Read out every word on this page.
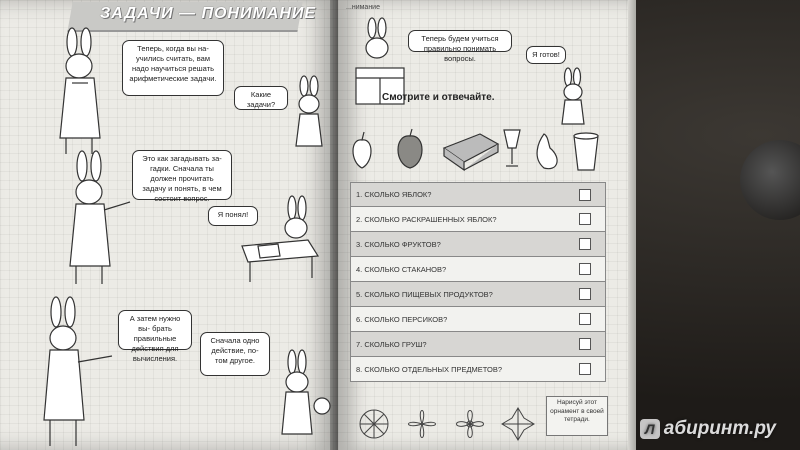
ЗАДАЧИ — ПОНИМАНИЕ
Теперь, когда вы на- учились считать, вам надо научиться решать арифметические задачи.
Какие задачи?
Это как загадывать за- гадки. Сначала ты должен прочитать задачу и понять, в чем состоит вопрос.
Я понял!
А затем нужно вы- брать правильные действия для вычисления.
Сначала одно действие, по- том другое.
...нимание
Теперь будем учиться правильно понимать вопросы.	Я готов!
Смотрите и отвечайте.
1. СКОЛЬКО ЯБЛОК?
2. СКОЛЬКО РАСКРАШЕННЫХ ЯБЛОК?
3. СКОЛЬКО ФРУКТОВ?
4. СКОЛЬКО СТАКАНОВ?
5. СКОЛЬКО ПИЩЕВЫХ ПРОДУКТОВ?
6. СКОЛЬКО ПЕРСИКОВ?
7. СКОЛЬКО ГРУШ?
8. СКОЛЬКО ОТДЕЛЬНЫХ ПРЕДМЕТОВ?
Нарисуй этот орнамент в своей тетради.
Л абиринт.ру
